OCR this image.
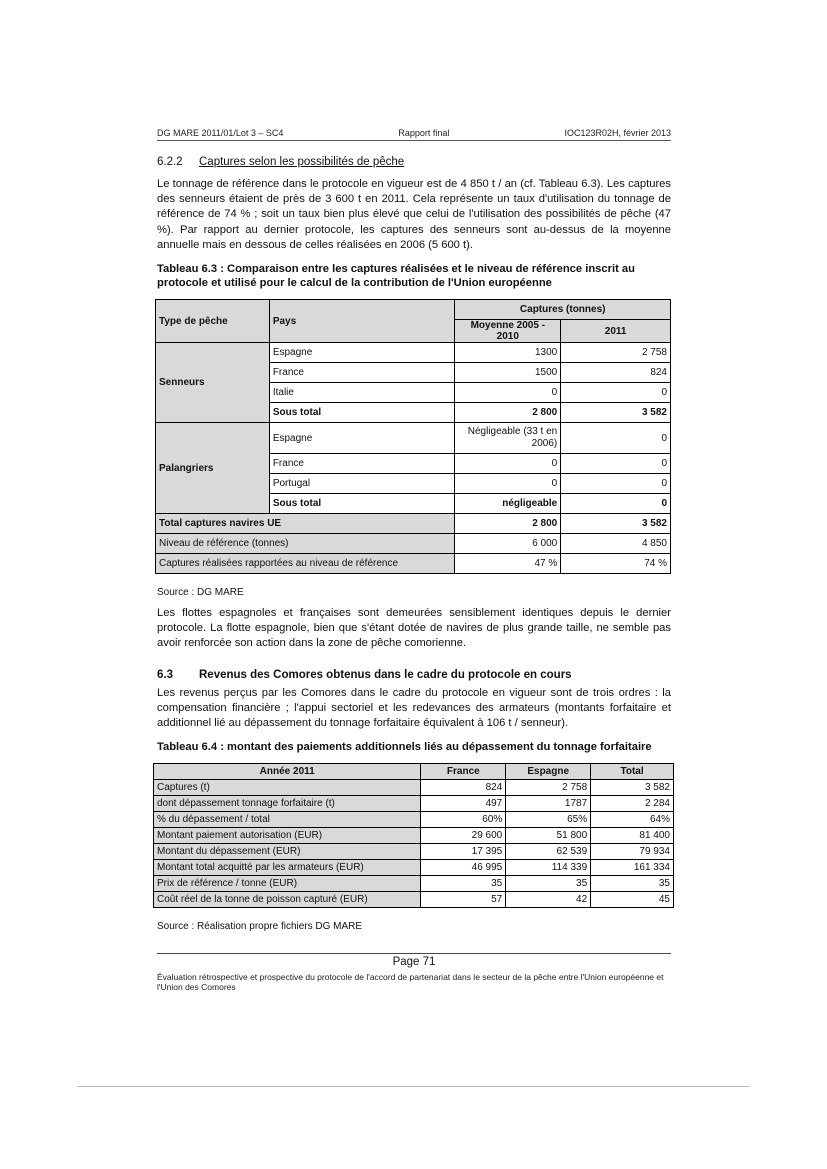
DG MARE 2011/01/Lot 3 – SC4	Rapport final	IOC123R02H, février 2013
6.2.2 Captures selon les possibilités de pêche
Le tonnage de référence dans le protocole en vigueur est de 4 850 t / an (cf. Tableau 6.3). Les captures des senneurs étaient de près de 3 600 t en 2011. Cela représente un taux d'utilisation du tonnage de référence de 74 % ; soit un taux bien plus élevé que celui de l'utilisation des possibilités de pêche (47 %). Par rapport au dernier protocole, les captures des senneurs sont au-dessus de la moyenne annuelle mais en dessous de celles réalisées en 2006 (5 600 t).
Tableau 6.3 : Comparaison entre les captures réalisées et le niveau de référence inscrit au protocole et utilisé pour le calcul de la contribution de l'Union européenne
Type de pêche	Pays	Captures (tonnes)	
		Moyenne 2005 - 2010	2011
Senneurs	Espagne	1300	2 758
	France	1500	824
	Italie	0	0
	Sous total	2 800	3 582
Palangriers	Espagne	Négligeable (33 t en 2006)	0
	France	0	0
	Portugal	0	0
	Sous total	négligeable	0
Total captures navires UE		2 800	3 582
Niveau de référence (tonnes)		6 000	4 850
Captures réalisées rapportées au niveau de référence		47 %	74 %
Source : DG MARE
Les flottes espagnoles et françaises sont demeurées sensiblement identiques depuis le dernier protocole. La flotte espagnole, bien que s'étant dotée de navires de plus grande taille, ne semble pas avoir renforcée son action dans la zone de pêche comorienne.
6.3 Revenus des Comores obtenus dans le cadre du protocole en cours
Les revenus perçus par les Comores dans le cadre du protocole en vigueur sont de trois ordres : la compensation financière ; l'appui sectoriel et les redevances des armateurs (montants forfaitaire et additionnel lié au dépassement du tonnage forfaitaire équivalent à 106 t / senneur).
Tableau 6.4 : montant des paiements additionnels liés au dépassement du tonnage forfaitaire
Année 2011	France	Espagne	Total
Captures (t)	824	2 758	3 582
dont dépassement tonnage forfaitaire (t)	497	1787	2 284
% du dépassement / total	60%	65%	64%
Montant paiement autorisation (EUR)	29 600	51 800	81 400
Montant du dépassement (EUR)	17 395	62 539	79 934
Montant total acquitté par les armateurs (EUR)	46 995	114 339	161 334
Prix de référence / tonne (EUR)	35	35	35
Coût réel de la tonne de poisson capturé (EUR)	57	42	45
Source : Réalisation propre fichiers DG MARE
Page 71
Évaluation rétrospective et prospective du protocole de l'accord de partenariat dans le secteur de la pêche entre l'Union européenne et l'Union des Comores
